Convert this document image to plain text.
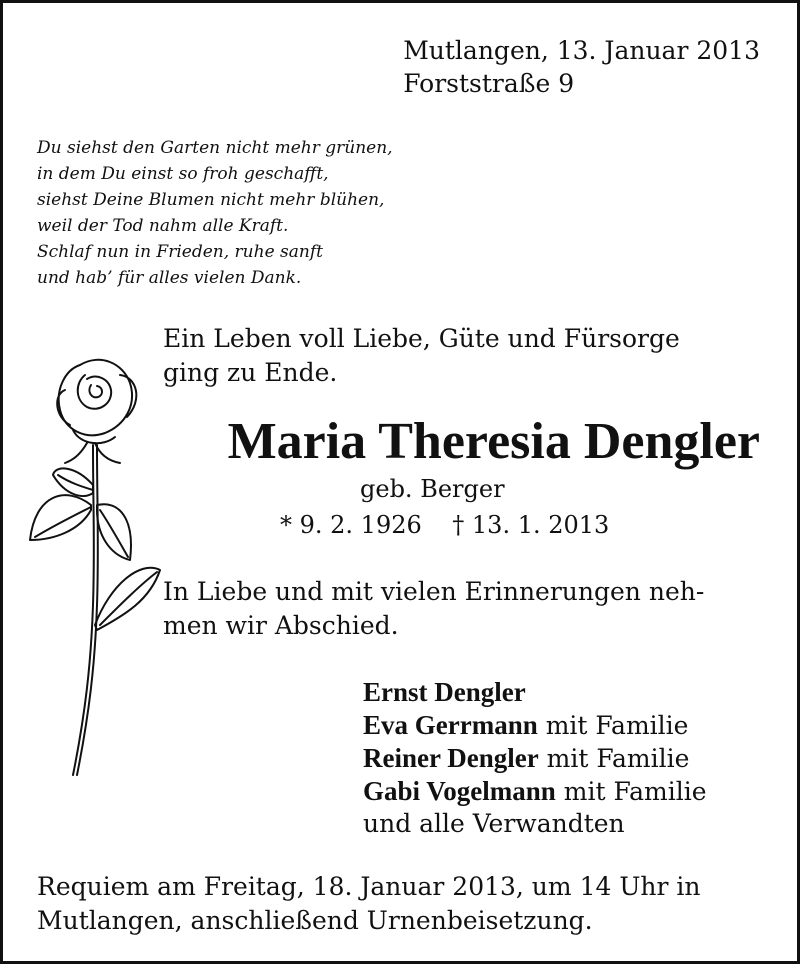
Mutlangen, 13. Januar 2013
Forststraße 9
Du siehst den Garten nicht mehr grünen,
in dem Du einst so froh geschafft,
siehst Deine Blumen nicht mehr blühen,
weil der Tod nahm alle Kraft.
Schlaf nun in Frieden, ruhe sanft
und hab’ für alles vielen Dank.
Ein Leben voll Liebe, Güte und Fürsorge
ging zu Ende.
Maria Theresia Dengler
geb. Berger
* 9. 2. 1926 † 13. 1. 2013
In Liebe und mit vielen Erinnerungen neh-
men wir Abschied.
Ernst Dengler
Eva Gerrmann mit Familie
Reiner Dengler mit Familie
Gabi Vogelmann mit Familie
und alle Verwandten
Requiem am Freitag, 18. Januar 2013, um 14 Uhr in
Mutlangen, anschließend Urnenbeisetzung.
